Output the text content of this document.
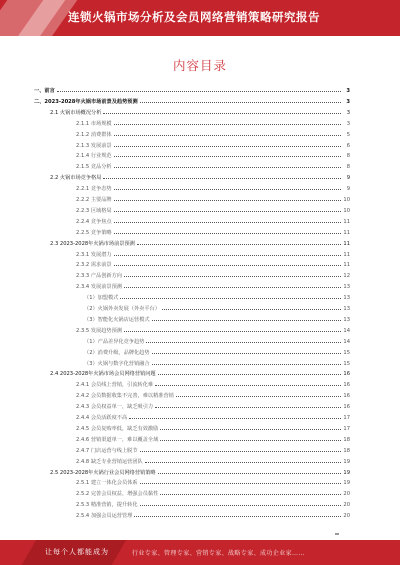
连锁火锅市场分析及会员网络营销策略研究报告
内容目录
一、前言	3
二、2023-2028年火锅市场前景及趋势预测	3
2.1 火锅市场概况分析	3
2.1.1 市场规模	3
2.1.2 消费群体	5
2.1.3 发展前景	6
2.1.4 行业规范	8
2.1.5 竞品分析	8
2.2 火锅市场竞争格局	9
2.2.1 竞争态势	9
2.2.2 主要品牌	10
2.2.3 区域格局	10
2.2.4 竞争焦点	11
2.2.5 竞争策略	11
2.3 2023-2028年火锅市场前景预测	11
2.3.1 发展潜力	11
2.3.2 需求前景	11
2.3.3 产品创新方向	12
2.3.4 发展前景预测	13
（1）加盟模式	13
（2）火锅外卖发展（外卖平台）	13
（3）智能化火锅店运营模式	13
2.3.5 发展趋势预测	14
（1）产品差异化竞争趋势	14
（2）消费升级，品牌化趋势	15
（3）火锅与数字化营销融合	15
2.4 2023-2028年火锅市场会员网络营销问题	16
2.4.1 会员线上营销，引流转化难	16
2.4.2 会员数据收集不完善，难以精准营销	16
2.4.3 会员权益单一，缺乏吸引力	16
2.4.4 会员活跃度不高	17
2.4.5 会员复购率低，缺乏有效激励	17
2.4.6 营销渠道单一，难以覆盖全域	18
2.4.7 门店运营与线上脱节	18
2.4.8 缺乏专业营销运营团队	19
2.5 2023-2028年火锅行业会员网络营销策略	19
2.5.1 建立一体化会员体系	19
2.5.2 完善会员权益，增强会员黏性	20
2.5.3 精准营销，提升转化	20
2.5.4 加强会员运营管理	20
让每个人都能成为	行业专家、管理专家、营销专家、战略专家、成功企业家……
